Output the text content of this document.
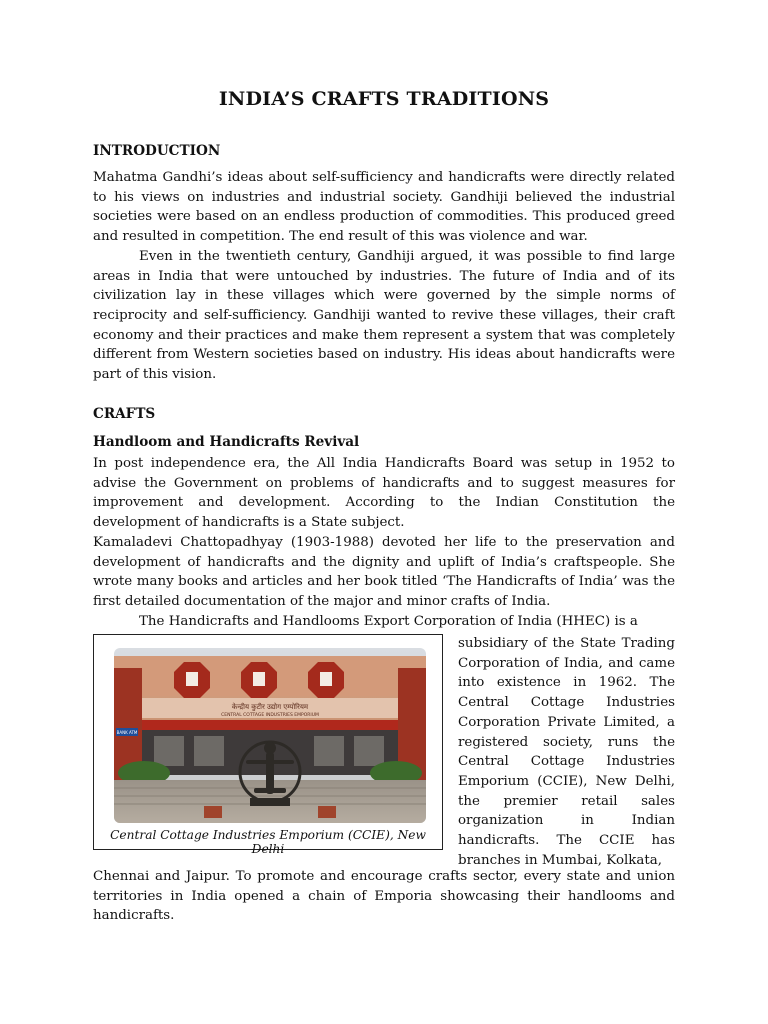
INDIA’S CRAFTS TRADITIONS
INTRODUCTION

Mahatma Gandhi’s ideas about self-sufficiency and handicrafts were directly related to his views on industries and industrial society. Gandhiji believed the industrial societies were based on an endless production of commodities. This produced greed and resulted in competition. The end result of this was violence and war.

Even in the twentieth century, Gandhiji argued, it was possible to find large areas in India that were untouched by industries. The future of India and of its civilization lay in these villages which were governed by the simple norms of reciprocity and self-sufficiency. Gandhiji wanted to revive these villages, their craft economy and their practices and make them represent a system that was completely different from Western societies based on industry. His ideas about handicrafts were part of this vision.

CRAFTS
Handloom and Handicrafts Revival

In post independence era, the All India Handicrafts Board was setup in 1952 to advise the Government on problems of handicrafts and to suggest measures for improvement and development. According to the Indian Constitution the development of handicrafts is a State subject.

Kamaladevi Chattopadhyay (1903-1988) devoted her life to the preservation and development of handicrafts and the dignity and uplift of India’s craftspeople. She wrote many books and articles and her book titled ‘The Handicrafts of India’ was the first detailed documentation of the major and minor crafts of India.

The Handicrafts and Handlooms Export Corporation of India (HHEC) is a

केन्द्रीय कुटीर उद्योग एम्पोरियम
CENTRAL COTTAGE INDUSTRIES EMPORIUM
BANK ATM
Central Cottage Industries Emporium (CCIE), New Delhi

subsidiary of the State Trading Corporation of India, and came into existence in 1962. The Central Cottage Industries Corporation Private Limited, a registered society, runs the Central Cottage Industries Emporium (CCIE), New Delhi, the premier retail sales organization in Indian handicrafts. The CCIE has branches in Mumbai, Kolkata,

Chennai and Jaipur. To promote and encourage crafts sector, every state and union territories in India opened a chain of Emporia showcasing their handlooms and handicrafts.
